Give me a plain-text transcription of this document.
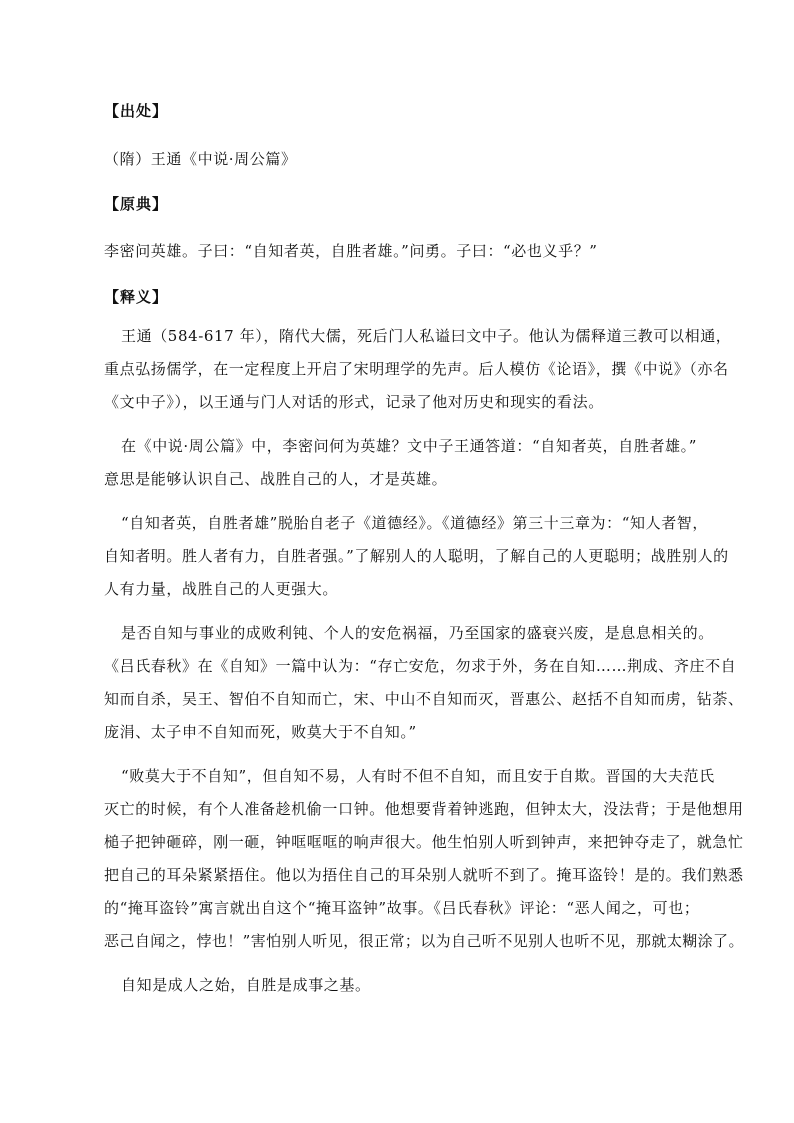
【出处】
（隋）王通《中说·周公篇》
【原典】
李密问英雄。子曰：“自知者英，自胜者雄。”问勇。子曰：“必也义乎？”
【释义】
王通（584-617 年），隋代大儒，死后门人私谥曰文中子。他认为儒释道三教可以相通，
重点弘扬儒学，在一定程度上开启了宋明理学的先声。后人模仿《论语》，撰《中说》（亦名
《文中子》），以王通与门人对话的形式，记录了他对历史和现实的看法。
在《中说·周公篇》中，李密问何为英雄？文中子王通答道：“自知者英，自胜者雄。”
意思是能够认识自己、战胜自己的人，才是英雄。
“自知者英，自胜者雄”脱胎自老子《道德经》。《道德经》第三十三章为：“知人者智，
自知者明。胜人者有力，自胜者强。”了解别人的人聪明，了解自己的人更聪明；战胜别人的
人有力量，战胜自己的人更强大。
是否自知与事业的成败利钝、个人的安危祸福，乃至国家的盛衰兴废，是息息相关的。
《吕氏春秋》在《自知》一篇中认为：“存亡安危，勿求于外，务在自知……荆成、齐庄不自
知而自杀，吴王、智伯不自知而亡，宋、中山不自知而灭，晋惠公、赵括不自知而虏，钻荼、
庞涓、太子申不自知而死，败莫大于不自知。”
“败莫大于不自知”，但自知不易，人有时不但不自知，而且安于自欺。晋国的大夫范氏
灭亡的时候，有个人准备趁机偷一口钟。他想要背着钟逃跑，但钟太大，没法背；于是他想用
槌子把钟砸碎，刚一砸，钟哐哐哐的响声很大。他生怕别人听到钟声，来把钟夺走了，就急忙
把自己的耳朵紧紧捂住。他以为捂住自己的耳朵别人就听不到了。掩耳盗铃！是的。我们熟悉
的“掩耳盗铃”寓言就出自这个“掩耳盗钟”故事。《吕氏春秋》评论：“恶人闻之，可也；
恶己自闻之，悖也！”害怕别人听见，很正常；以为自己听不见别人也听不见，那就太糊涂了。
自知是成人之始，自胜是成事之基。
